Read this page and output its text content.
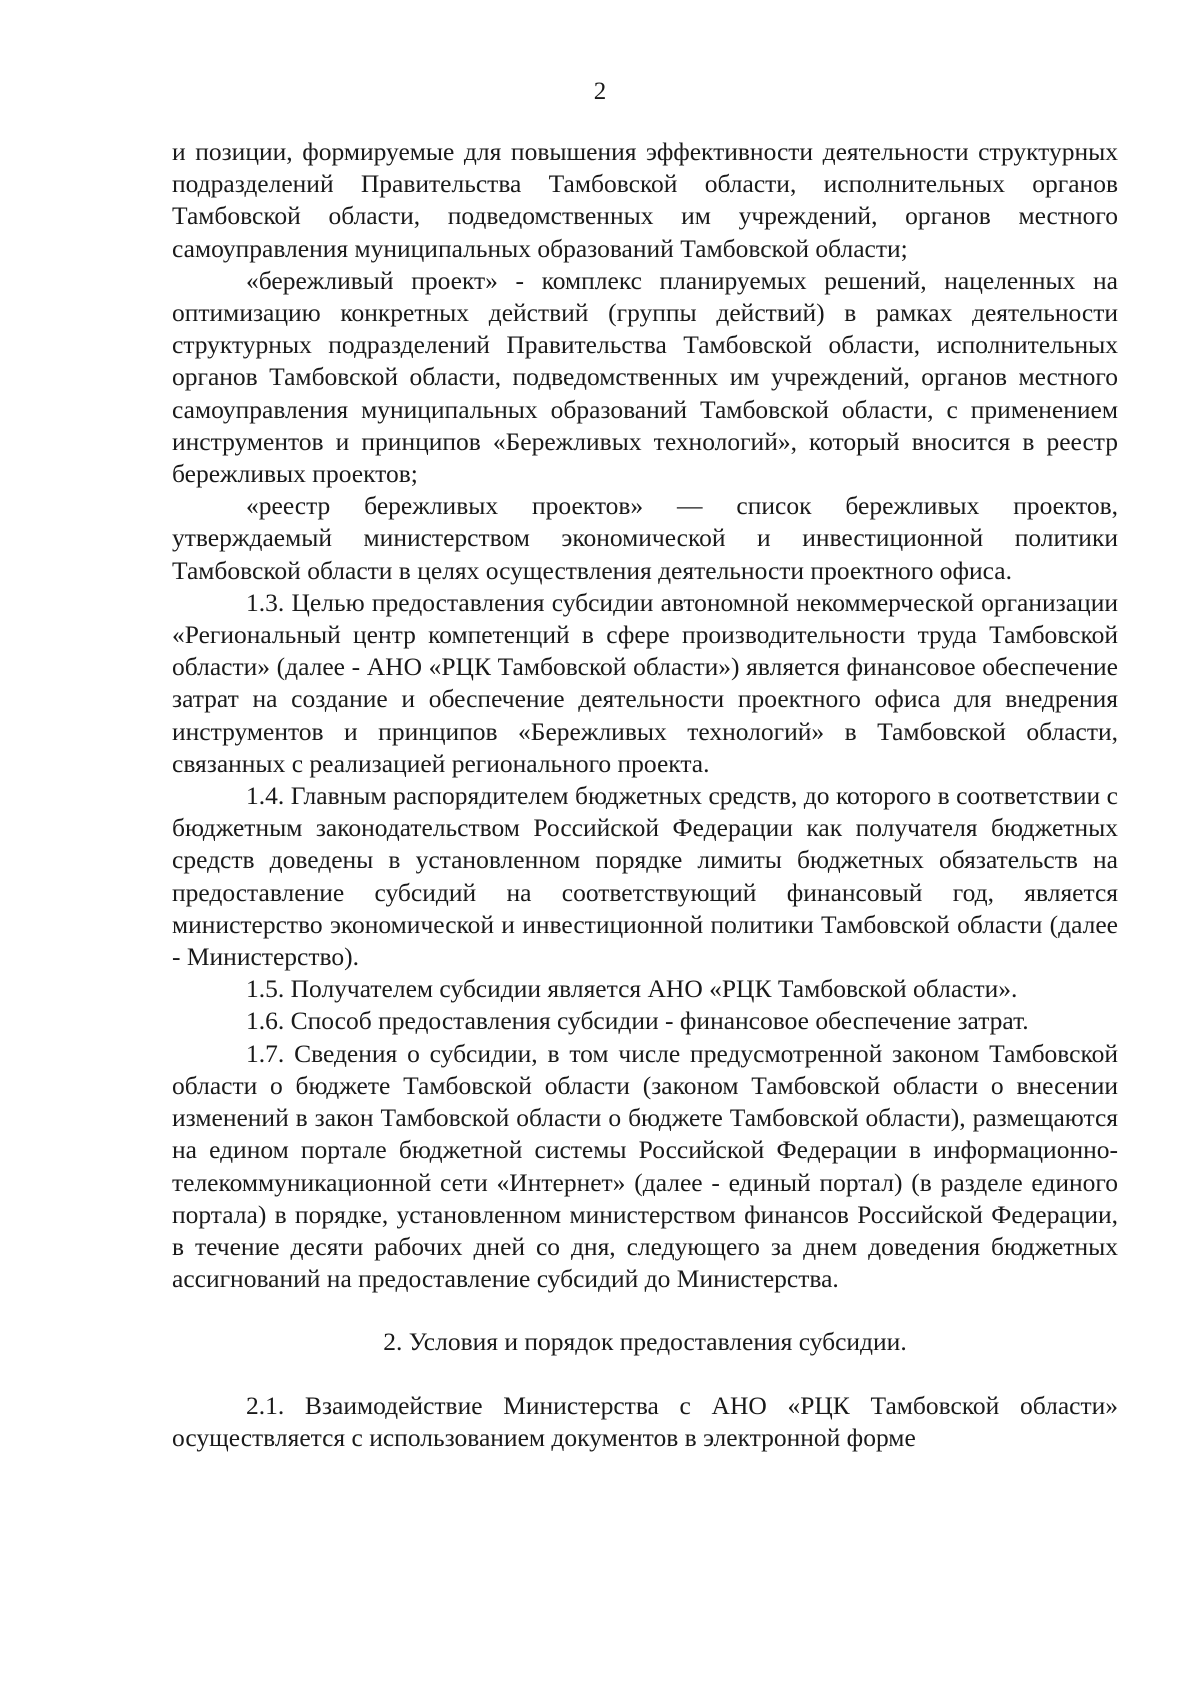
2

и позиции, формируемые для повышения эффективности деятельности структурных подразделений Правительства Тамбовской области, исполнительных органов Тамбовской области, подведомственных им учреждений, органов местного самоуправления муниципальных образований Тамбовской области;

«бережливый проект» - комплекс планируемых решений, нацеленных на оптимизацию конкретных действий (группы действий) в рамках деятельности структурных подразделений Правительства Тамбовской области, исполнительных органов Тамбовской области, подведомственных им учреждений, органов местного самоуправления муниципальных образований Тамбовской области, с применением инструментов и принципов «Бережливых технологий», который вносится в реестр бережливых проектов;

«реестр бережливых проектов» — список бережливых проектов, утверждаемый министерством экономической и инвестиционной политики Тамбовской области в целях осуществления деятельности проектного офиса.

1.3. Целью предоставления субсидии автономной некоммерческой организации «Региональный центр компетенций в сфере производительности труда Тамбовской области» (далее - АНО «РЦК Тамбовской области») является финансовое обеспечение затрат на создание и обеспечение деятельности проектного офиса для внедрения инструментов и принципов «Бережливых технологий» в Тамбовской области, связанных с реализацией регионального проекта.

1.4. Главным распорядителем бюджетных средств, до которого в соответствии с бюджетным законодательством Российской Федерации как получателя бюджетных средств доведены в установленном порядке лимиты бюджетных обязательств на предоставление субсидий на соответствующий финансовый год, является министерство экономической и инвестиционной политики Тамбовской области (далее - Министерство).

1.5. Получателем субсидии является АНО «РЦК Тамбовской области».

1.6. Способ предоставления субсидии - финансовое обеспечение затрат.

1.7. Сведения о субсидии, в том числе предусмотренной законом Тамбовской области о бюджете Тамбовской области (законом Тамбовской области о внесении изменений в закон Тамбовской области о бюджете Тамбовской области), размещаются на едином портале бюджетной системы Российской Федерации в информационно-телекоммуникационной сети «Интернет» (далее - единый портал) (в разделе единого портала) в порядке, установленном министерством финансов Российской Федерации, в течение десяти рабочих дней со дня, следующего за днем доведения бюджетных ассигнований на предоставление субсидий до Министерства.

2. Условия и порядок предоставления субсидии.

2.1. Взаимодействие Министерства с АНО «РЦК Тамбовской области» осуществляется с использованием документов в электронной форме
